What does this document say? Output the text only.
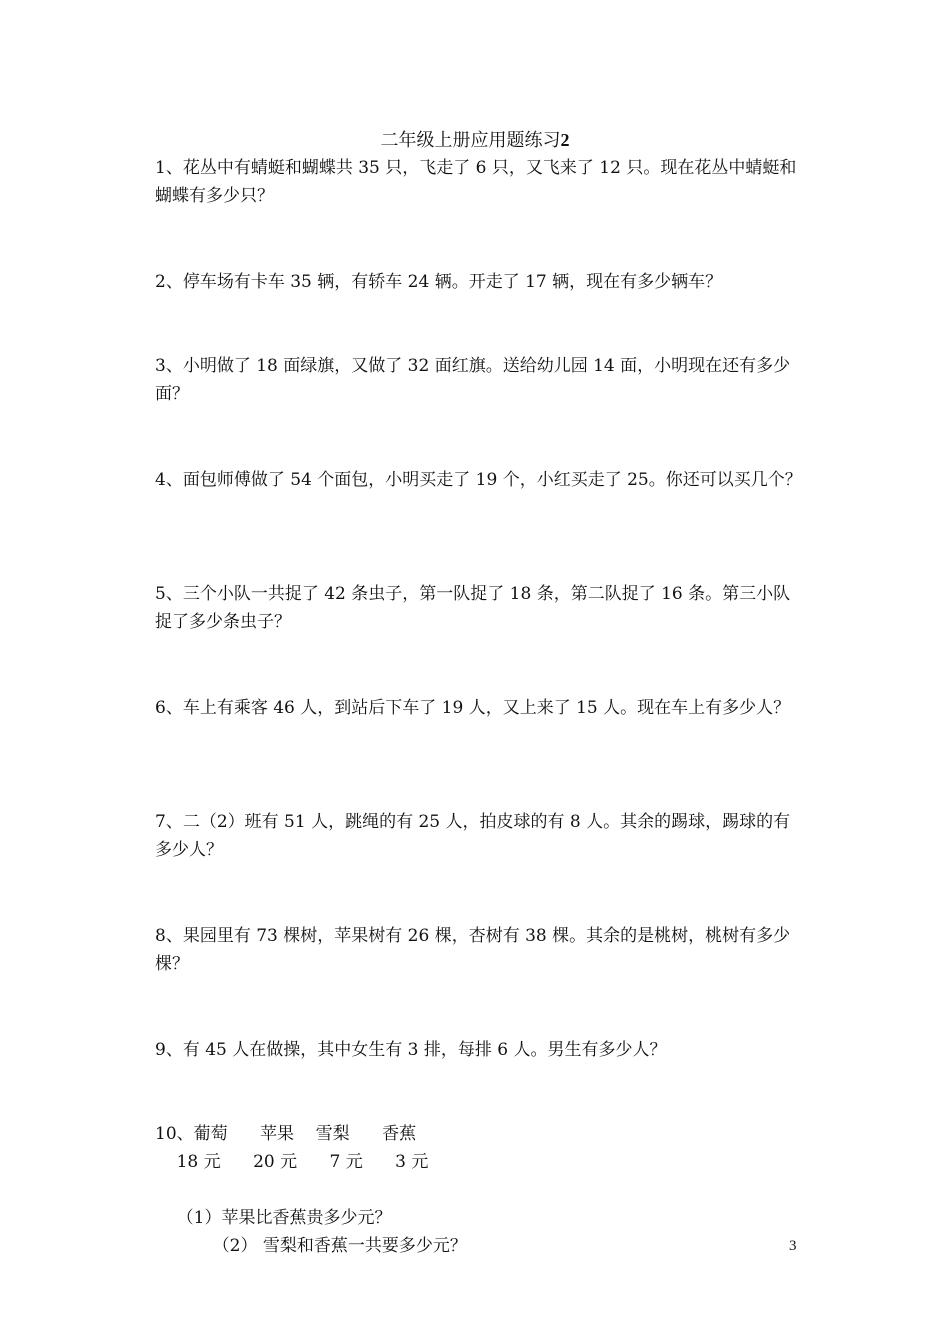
二年级上册应用题练习2

1、花丛中有蜻蜓和蝴蝶共 35 只，飞走了 6 只，又飞来了 12 只。现在花丛中蜻蜓和蝴蝶有多少只？

2、停车场有卡车 35 辆，有轿车 24 辆。开走了 17 辆，现在有多少辆车？

3、小明做了 18 面绿旗，又做了 32 面红旗。送给幼儿园 14 面，小明现在还有多少面？

4、面包师傅做了 54 个面包，小明买走了 19 个，小红买走了 25。你还可以买几个？

5、三个小队一共捉了 42 条虫子，第一队捉了 18 条，第二队捉了 16 条。第三小队捉了多少条虫子？

6、车上有乘客 46 人，到站后下车了 19 人，又上来了 15 人。现在车上有多少人？

7、二（2）班有 51 人，跳绳的有 25 人，拍皮球的有 8 人。其余的踢球，踢球的有多少人？

8、果园里有 73 棵树，苹果树有 26 棵，杏树有 38 棵。其余的是桃树，桃树有多少棵？

9、有 45 人在做操，其中女生有 3 排，每排 6 人。男生有多少人？

10、葡萄      苹果    雪梨      香蕉
18 元      20 元      7 元      3 元

（1）苹果比香蕉贵多少元？
（2） 雪梨和香蕉一共要多少元？
	3
